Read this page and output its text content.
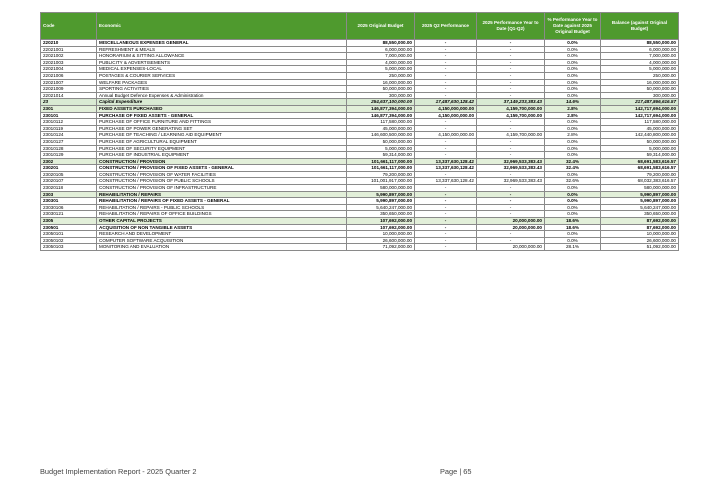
Code	Economic	2025 Original Budget	2025 Q2 Performance	2025 Performance Year to Date (Q1-Q2)	% Performance Year to Date against 2025 Original Budget	Balance (against Original Budget)
220210	MISCELLANEOUS EXPENSES GENERAL	88,550,000.00	-	-	0.0%	88,550,000.00
22021001	REFRESHMENT & MEALS	6,000,000.00	-	-	0.0%	6,000,000.00
22021002	HONORARIUM & SITTING ALLOWANCE	7,000,000.00	-	-	0.0%	7,000,000.00
22021003	PUBLICITY & ADVERTISEMENTS	4,000,000.00	-	-	0.0%	4,000,000.00
22021004	MEDICAL EXPENSES-LOCAL	5,000,000.00	-	-	0.0%	5,000,000.00
22021006	POSTAGES & COURIER SERVICES	250,000.00	-	-	0.0%	250,000.00
22021007	WELFARE PACKAGES	16,000,000.00	-	-	0.0%	16,000,000.00
22021009	SPORTING ACTIVITIES	50,000,000.00	-	-	0.0%	50,000,000.00
22021014	Annual Budget Defence Expenses & Administration	300,000.00	-	-	0.0%	300,000.00
23	Capital Expenditure	254,637,100,000.00	17,487,630,128.42	37,149,233,383.43	14.6%	217,487,866,616.57
2301	FIXED ASSETS PURCHASED	146,877,394,000.00	4,150,000,000.00	4,159,700,000.00	2.8%	142,717,694,000.00
230101	PURCHASE OF FIXED ASSETS - GENERAL	146,877,394,000.00	4,150,000,000.00	4,159,700,000.00	2.8%	142,717,694,000.00
23010112	PURCHASE OF OFFICE FURNITURE AND FITTINGS	117,580,000.00	-	-	0.0%	117,580,000.00
23010119	PURCHASE OF POWER GENERATING SET	45,000,000.00	-	-	0.0%	45,000,000.00
23010124	PURCHASE OF TEACHING / LEARNING AID EQUIPMENT	146,600,500,000.00	4,150,000,000.00	4,159,700,000.00	2.8%	142,440,800,000.00
23010127	PURCHASE OF AGRICULTURAL EQUIPMENT	50,000,000.00	-	-	0.0%	50,000,000.00
23010128	PURCHASE OF SECURITY EQUIPMENT	5,000,000.00	-	-	0.0%	5,000,000.00
23010129	PURCHASE OF INDUSTRIAL EQUIPMENT	59,314,000.00	-	-	0.0%	59,314,000.00
2302	CONSTRUCTION / PROVISION	101,661,117,000.00	13,337,630,128.42	32,969,533,383.43	32.4%	68,691,583,616.57
230201	CONSTRUCTION / PROVISION OF FIXED ASSETS - GENERAL	101,661,117,000.00	13,337,630,128.42	32,969,533,383.43	32.4%	68,691,583,616.57
23020105	CONSTRUCTION / PROVISION OF WATER FACILITIES	79,200,000.00	-	-	0.0%	79,200,000.00
23020107	CONSTRUCTION / PROVISION OF PUBLIC SCHOOLS	101,001,917,000.00	13,337,630,128.42	32,969,533,383.43	32.6%	68,032,383,616.57
23020118	CONSTRUCTION / PROVISION OF INFRASTRUCTURE	580,000,000.00	-	-	0.0%	580,000,000.00
2303	REHABILITATION / REPAIRS	5,990,897,000.00	-	-	0.0%	5,990,897,000.00
230301	REHABILITATION / REPAIRS OF FIXED ASSETS - GENERAL	5,990,897,000.00	-	-	0.0%	5,990,897,000.00
23030106	REHABILITATION / REPAIRS - PUBLIC SCHOOLS	5,640,247,000.00	-	-	0.0%	5,640,247,000.00
23030121	REHABILITATION / REPAIRS OF OFFICE BUILDINGS	350,650,000.00	-	-	0.0%	350,650,000.00
2305	OTHER CAPITAL PROJECTS	107,692,000.00	-	20,000,000.00	18.6%	87,692,000.00
230501	ACQUISITION OF NON TANGIBLE ASSETS	107,692,000.00	-	20,000,000.00	18.6%	87,692,000.00
23050101	RESEARCH AND DEVELOPMENT	10,000,000.00	-	-	0.0%	10,000,000.00
23050102	COMPUTER SOFTWARE ACQUISITION	26,600,000.00	-	-	0.0%	26,600,000.00
23050103	MONITORING AND EVALUATION	71,092,000.00	-	20,000,000.00	28.1%	51,092,000.00
Budget Implementation Report - 2025 Quarter 2	Page | 65
